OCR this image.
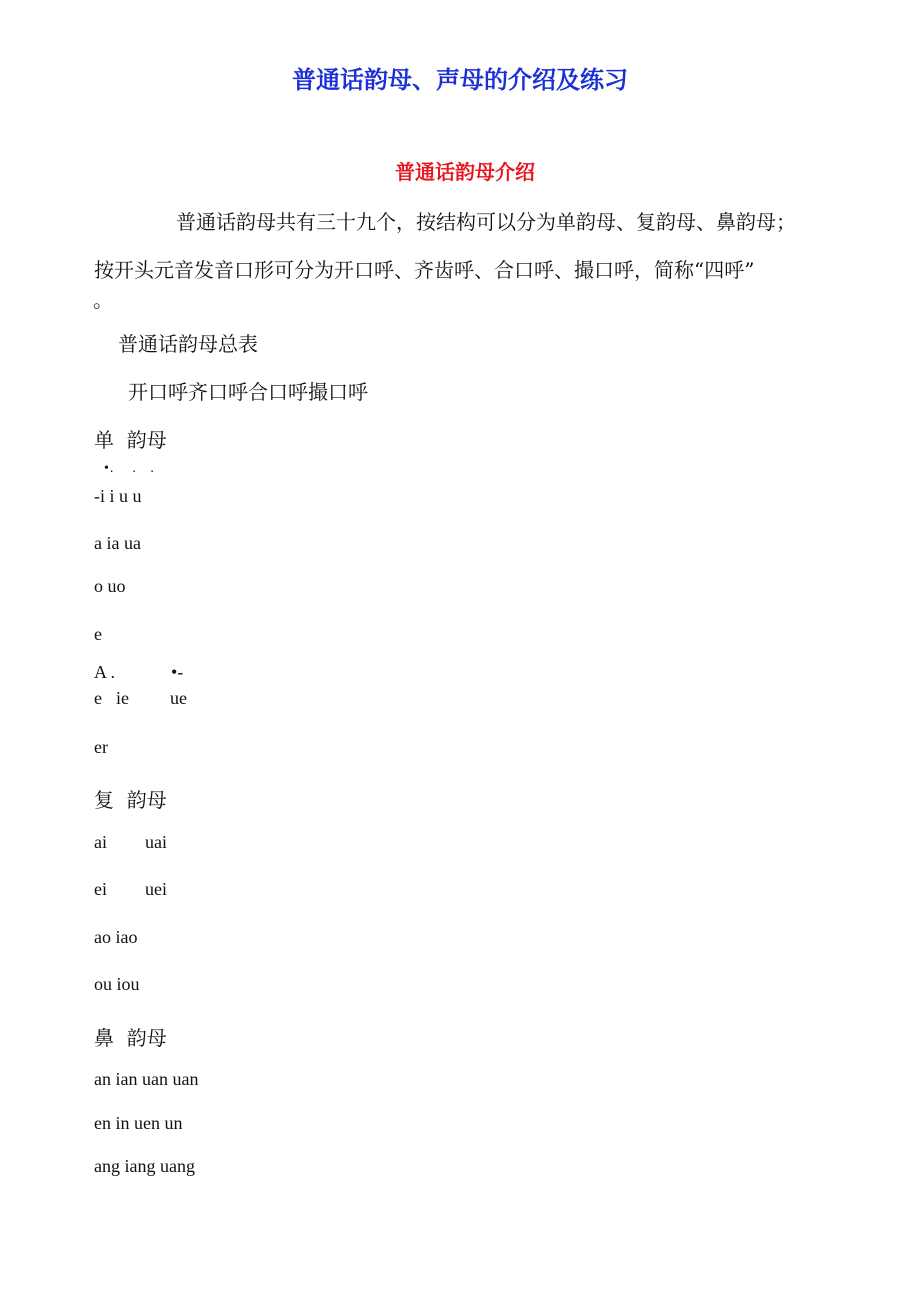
普通话韵母、声母的介绍及练习
普通话韵母介绍
普通话韵母共有三十九个，按结构可以分为单韵母、复韵母、鼻韵母；
按开头元音发音口形可分为开口呼、齐齿呼、合口呼、撮口呼，简称“四呼”
。
普通话韵母总表
开口呼齐口呼合口呼撮口呼
单  韵母
•.    .   .
-i i u u
a ia ua
o uo
e
A .	•-
e ie ue
er
复  韵母
ai uai
ei uei
ao iao
ou iou
鼻  韵母
an ian uan uan
en in uen un
ang iang uang
